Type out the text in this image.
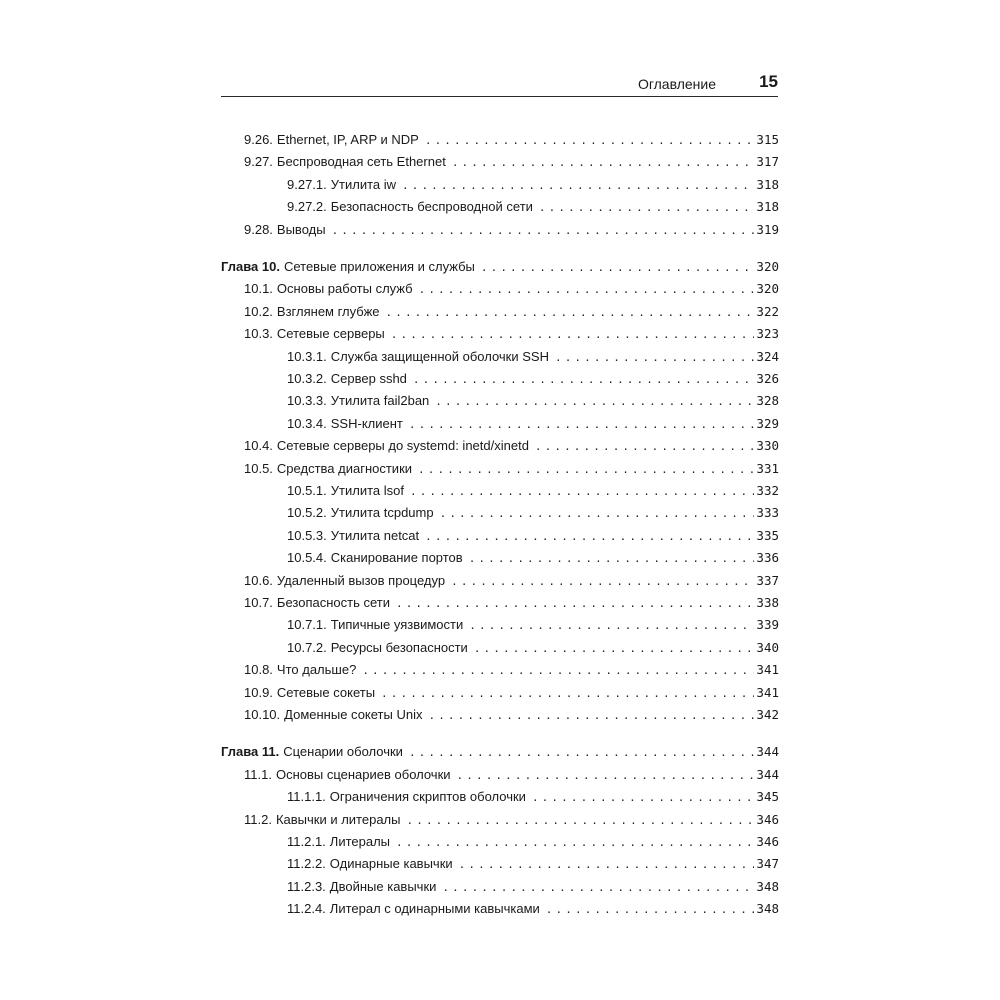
Оглавление	15
9.26. Ethernet, IP, ARP и NDP .....	315
9.27. Беспроводная сеть Ethernet .....	317
9.27.1. Утилита iw .....	318
9.27.2. Безопасность беспроводной сети .....	318
9.28. Выводы .....	319
Глава 10. Сетевые приложения и службы .....	320
10.1. Основы работы служб .....	320
10.2. Взглянем глубже .....	322
10.3. Сетевые серверы .....	323
10.3.1. Служба защищенной оболочки SSH .....	324
10.3.2. Сервер sshd .....	326
10.3.3. Утилита fail2ban .....	328
10.3.4. SSH-клиент .....	329
10.4. Сетевые серверы до systemd: inetd/xinetd .....	330
10.5. Средства диагностики .....	331
10.5.1. Утилита lsof .....	332
10.5.2. Утилита tcpdump .....	333
10.5.3. Утилита netcat .....	335
10.5.4. Сканирование портов .....	336
10.6. Удаленный вызов процедур .....	337
10.7. Безопасность сети .....	338
10.7.1. Типичные уязвимости .....	339
10.7.2. Ресурсы безопасности .....	340
10.8. Что дальше? .....	341
10.9. Сетевые сокеты .....	341
10.10. Доменные сокеты Unix .....	342
Глава 11. Сценарии оболочки .....	344
11.1. Основы сценариев оболочки .....	344
11.1.1. Ограничения скриптов оболочки .....	345
11.2. Кавычки и литералы .....	346
11.2.1. Литералы .....	346
11.2.2. Одинарные кавычки .....	347
11.2.3. Двойные кавычки .....	348
11.2.4. Литерал с одинарными кавычками .....	348
